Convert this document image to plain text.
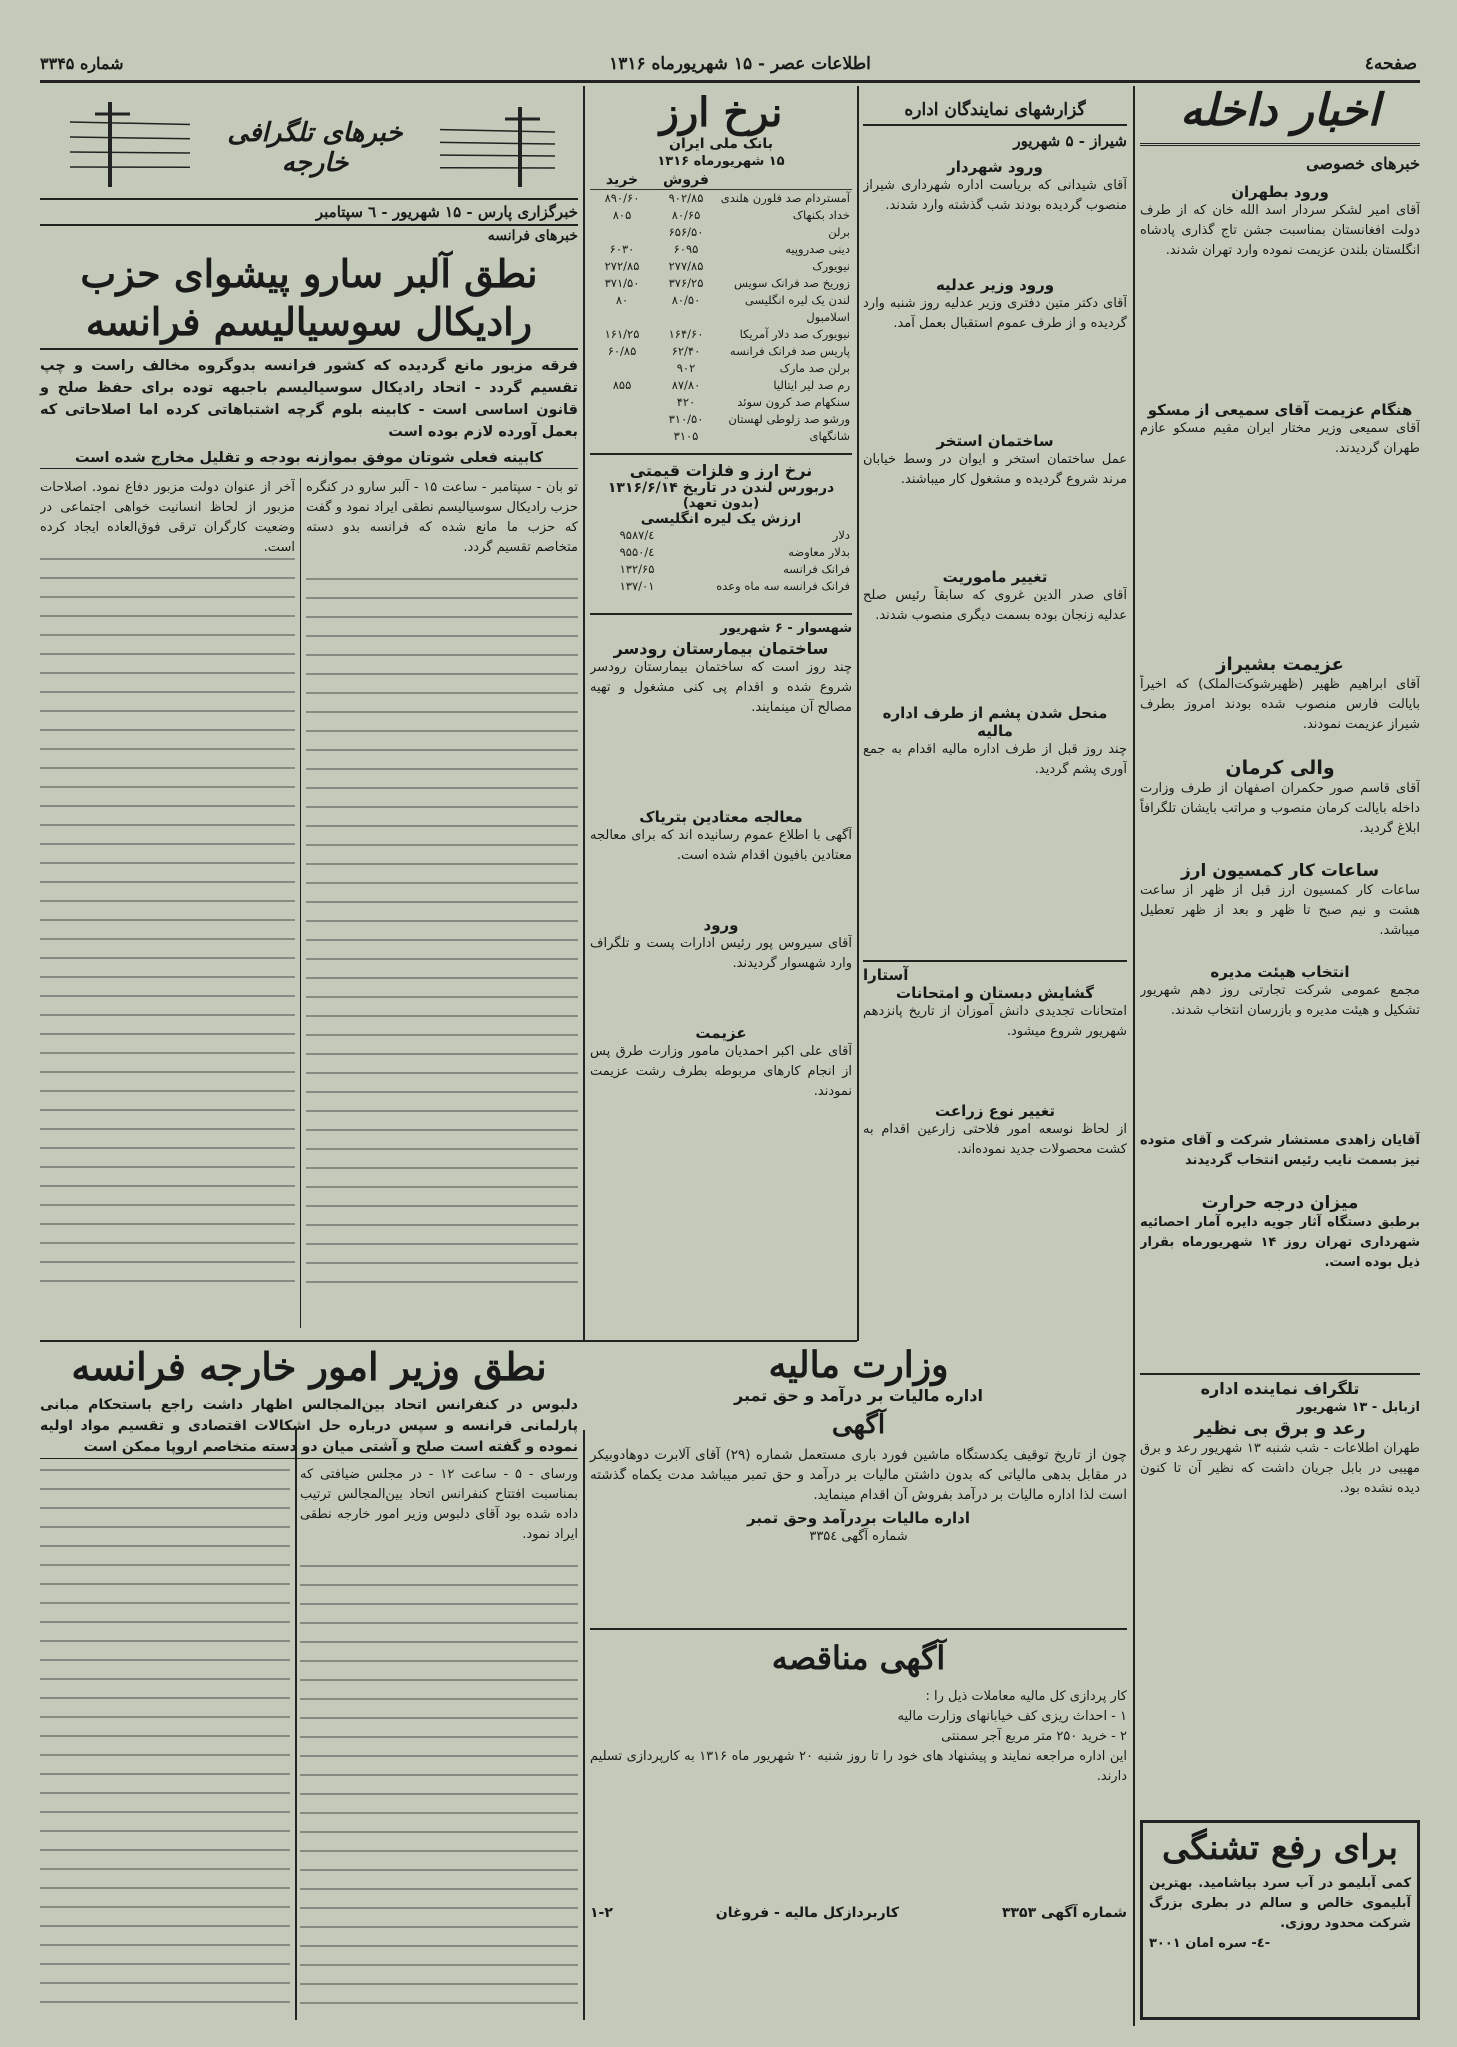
صفحه٤
اطلاعات عصر - ۱۵ شهریورماه ۱۳۱۶
شماره ۳۳۴۵
اخبار داخله
خبرهای خصوصی
ورود بطهران
آقای امیر لشکر سردار اسد الله خان که از طرف دولت افغانستان بمناسبت جشن تاج گذاری پادشاه انگلستان بلندن عزیمت نموده وارد تهران شدند.
هنگام عزیمت آقای سمیعی از مسکو
آقای سمیعی وزیر مختار ایران مقیم مسکو عازم طهران گردیدند.
عزیمت بشیراز
آقای ابراهیم ظهیر (ظهیرشوکت‌الملک) که اخیراً بایالت فارس منصوب شده بودند امروز بطرف شیراز عزیمت نمودند.
والی کرمان
آقای قاسم صور حکمران اصفهان از طرف وزارت داخله بایالت کرمان منصوب و مراتب بایشان تلگرافاً ابلاغ گردید.
ساعات کار کمسیون ارز
ساعات کار کمسیون ارز قبل از ظهر از ساعت هشت و نیم صبح تا ظهر و بعد از ظهر تعطیل میباشد.
انتخاب هیئت مدیره
مجمع عمومی شرکت تجارتی روز دهم شهریور تشکیل و هیئت مدیره و بازرسان انتخاب شدند.
آقایان زاهدی مستشار شرکت و آقای متوده نیز بسمت نایب رئیس انتخاب گردیدند
میزان درجه حرارت
برطبق دستگاه آثار جویه دایره آمار احصائیه شهرداری تهران روز ۱۴ شهریورماه بقرار ذیل بوده است.
تلگراف نماینده اداره
ازبابل - ۱۳ شهریور
رعد و برق بی نظیر
طهران اطلاعات - شب شنبه ۱۳ شهریور رعد و برق مهیبی در بابل جریان داشت که نظیر آن تا کنون دیده نشده بود.
برای رفع تشنگی
کمی آبلیمو در آب سرد بیاشامید. بهترین آبلیموی خالص و سالم در بطری بزرگ شرکت محدود روزی.
-٤- سره امان ۳۰۰۱
گزارشهای نمایندگان اداره
شیراز - ۵ شهریور
ورود شهردار
آقای شیدانی که بریاست اداره شهرداری شیراز منصوب گردیده بودند شب گذشته وارد شدند.
ورود وزیر عدلیه
آقای دکتر متین دفتری وزیر عدلیه روز شنبه وارد گردیده و از طرف عموم استقبال بعمل آمد.
ساختمان استخر
عمل ساختمان استخر و ایوان در وسط خیابان مرند شروع گردیده و مشغول کار میباشند.
تغییر ماموریت
آقای صدر الدین غروی که سابقاً رئیس صلح عدلیه زنجان بوده بسمت دیگری منصوب شدند.
منحل شدن پشم از طرف اداره مالیه
چند روز قبل از طرف اداره مالیه اقدام به جمع آوری پشم گردید.
آستارا
گشایش دبستان و امتحانات
امتحانات تجدیدی دانش آموزان از تاریخ پانزدهم شهریور شروع میشود.
تغییر نوع زراعت
از لحاظ نوسعه امور فلاحتی زارعین اقدام به کشت محصولات جدید نموده‌اند.
نرخ ارز
بانک ملی ایران
۱۵ شهریورماه ۱۳۱۶
فروش
خرید
آمستردام صد فلورن هلندی
۹۰۲/۸۵
۸۹۰/۶۰
خداد بکنهاک
۸۰/۶۵
۸۰۵
برلن
۶۵۶/۵۰
دینی صدروپیه
۶۰۹۵
۶۰۳۰
نیویورک
۲۷۷/۸۵
۲۷۲/۸۵
زوریخ صد فرانک سویس
۳۷۶/۲۵
۳۷۱/۵۰
لندن یک لیره انگلیسی
۸۰/۵۰
۸۰
اسلامبول
نیویورک صد دلار آمریکا
۱۶۴/۶۰
۱۶۱/۲۵
پاریس صد فرانک فرانسه
۶۲/۴۰
۶۰/۸۵
برلن صد مارک
۹۰۲
رم صد لیر ایتالیا
۸۷/۸۰
۸۵۵
سنکهام صد کرون سوئد
۴۲۰
ورشو صد زلوطی لهستان
۳۱۰/۵۰
شانگهای
۳۱۰۵
نرخ ارز و فلزات قیمتی
دربورس لندن در تاریخ ۱۳۱۶/۶/۱۴
(بدون تعهد)
ارزش یک لیره انگلیسی
دلار
٤/۹۵۸۷
بدلار معاوضه
٤/۹۵۵۰
فرانک فرانسه
۱۳۲/۶۵
فرانک فرانسه سه ماه وعده
۱۳۷/۰۱
شهسوار - ۶ شهریور
ساختمان بیمارستان رودسر
چند روز است که ساختمان بیمارستان رودسر شروع شده و اقدام پی کنی مشغول و تهیه مصالح آن مینمایند.
معالجه معتادین بتریاک
آگهی با اطلاع عموم رسانیده اند که برای معالجه معتادین بافیون اقدام شده است.
ورود
آقای سیروس پور رئیس ادارات پست و تلگراف وارد شهسوار گردیدند.
عزیمت
آقای علی اکبر احمدیان مامور وزارت طرق پس از انجام کارهای مربوطه بطرف رشت عزیمت نمودند.
خبرهای تلگرافی خارجه
خبرگزاری پارس - ۱۵ شهریور - ٦ سپتامبر
خبرهای فرانسه
نطق آلبر سارو پیشوای حزب
رادیکال سوسیالیسم فرانسه
فرقه مزبور مانع گردیده که کشور فرانسه بدوگروه مخالف راست و چپ تقسیم گردد - اتحاد رادیکال سوسیالیسم باجبهه توده برای حفظ صلح و قانون اساسی است - کابینه بلوم گرچه اشتباهاتی کرده اما اصلاحاتی که بعمل آورده لازم بوده است
کابینه فعلی شوتان موفق بموازنه بودجه و تقلیل مخارج شده است
آخر از عنوان دولت مزبور دفاع نمود. اصلاحات مزبور از لحاظ انسانیت خواهی اجتماعی در وضعیت کارگران ترقی فوق‌العاده ایجاد کرده است.
تو بان - سپتامبر - ساعت ۱۵ - آلبر سارو در کنگره حزب رادیکال سوسیالیسم نطقی ایراد نمود و گفت که حزب ما مانع شده که فرانسه بدو دسته متخاصم تقسیم گردد.
نطق وزیر امور خارجه فرانسه
دلبوس در کنفرانس اتحاد بین‌المجالس اظهار داشت راجع باستحکام مبانی پارلمانی فرانسه و سپس درباره حل اشکالات اقتصادی و تقسیم مواد اولیه نموده و گفته است صلح و آشتی میان دو دسته متخاصم اروپا ممکن است
ورسای - ۵ - ساعت ۱۲ - در مجلس ضیافتی که بمناسبت افتتاح کنفرانس اتحاد بین‌المجالس ترتیب داده شده بود آقای دلبوس وزیر امور خارجه نطقی ایراد نمود.
وزارت مالیه
اداره مالیات بر درآمد و حق تمبر
آگهی
چون از تاریخ توقیف یکدستگاه ماشین فورد باری مستعمل شماره (۲۹) آقای آلابرت دوهادوبیکر در مقابل بدهی مالیاتی که بدون داشتن مالیات بر درآمد و حق تمبر میباشد مدت یکماه گذشته است لذا اداره مالیات بر درآمد بفروش آن اقدام مینماید.
اداره مالیات بردرآمد وحق تمبر
شماره آگهی ۳۳۵٤
آگهی مناقصه
کار پردازی کل مالیه معاملات ذیل را :
۱ - احداث ریزی کف خیابانهای وزارت مالیه
۲ - خرید ۲۵۰ متر مربع آجر سمنتی
این اداره مراجعه نمایند و پیشنهاد های خود را تا روز شنبه ۲۰ شهریور ماه ۱۳۱۶ به کارپردازی تسلیم دارند.
شماره آگهی ۳۳۵۳
کاربردازکل مالیه - فروغان
۱-۲
